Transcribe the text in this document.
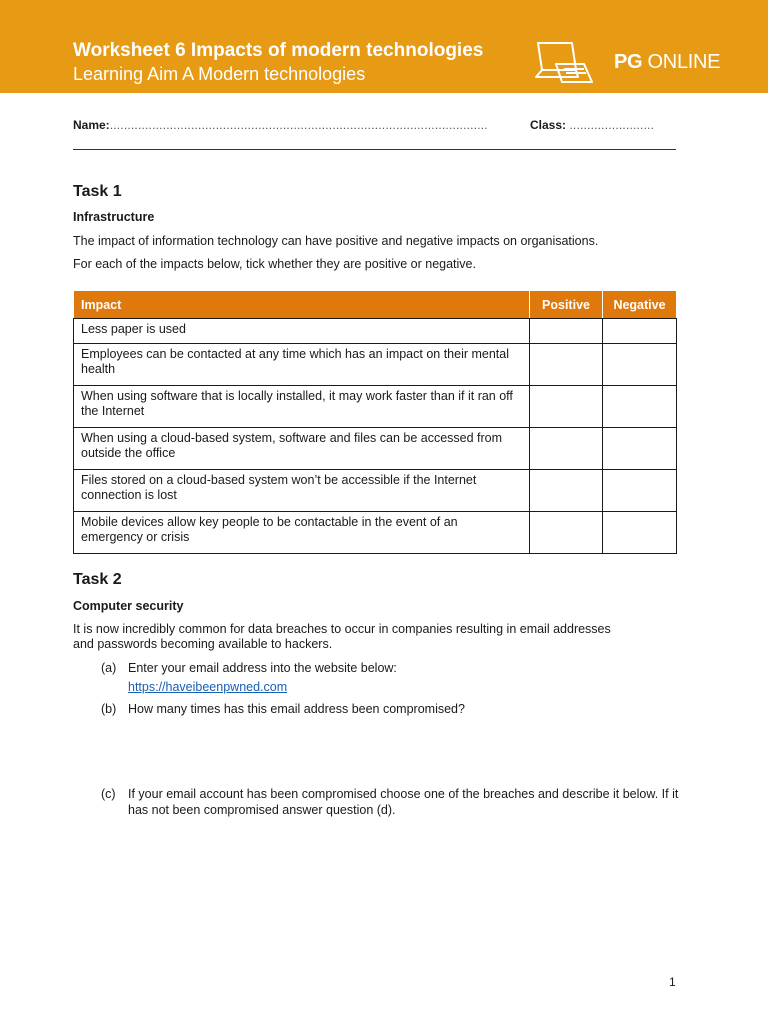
Worksheet 6 Impacts of modern technologies
Learning Aim A Modern technologies
PG ONLINE
Name:...........................................................................................................	Class: ........................
Task 1
Infrastructure

The impact of information technology can have positive and negative impacts on organisations.

For each of the impacts below, tick whether they are positive or negative.

Impact	Positive	Negative
Less paper is used		
Employees can be contacted at any time which has an impact on their mental health		
When using software that is locally installed, it may work faster than if it ran off the Internet		
When using a cloud-based system, software and files can be accessed from outside the office		
Files stored on a cloud-based system won’t be accessible if the Internet connection is lost		
Mobile devices allow key people to be contactable in the event of an emergency or crisis		
Task 2
Computer security

It is now incredibly common for data breaches to occur in companies resulting in email addresses and passwords becoming available to hackers.

(a) Enter your email address into the website below:
https://haveibeenpwned.com
(b) How many times has this email address been compromised?
(c) If your email account has been compromised choose one of the breaches and describe it below. If it has not been compromised answer question (d).
1
